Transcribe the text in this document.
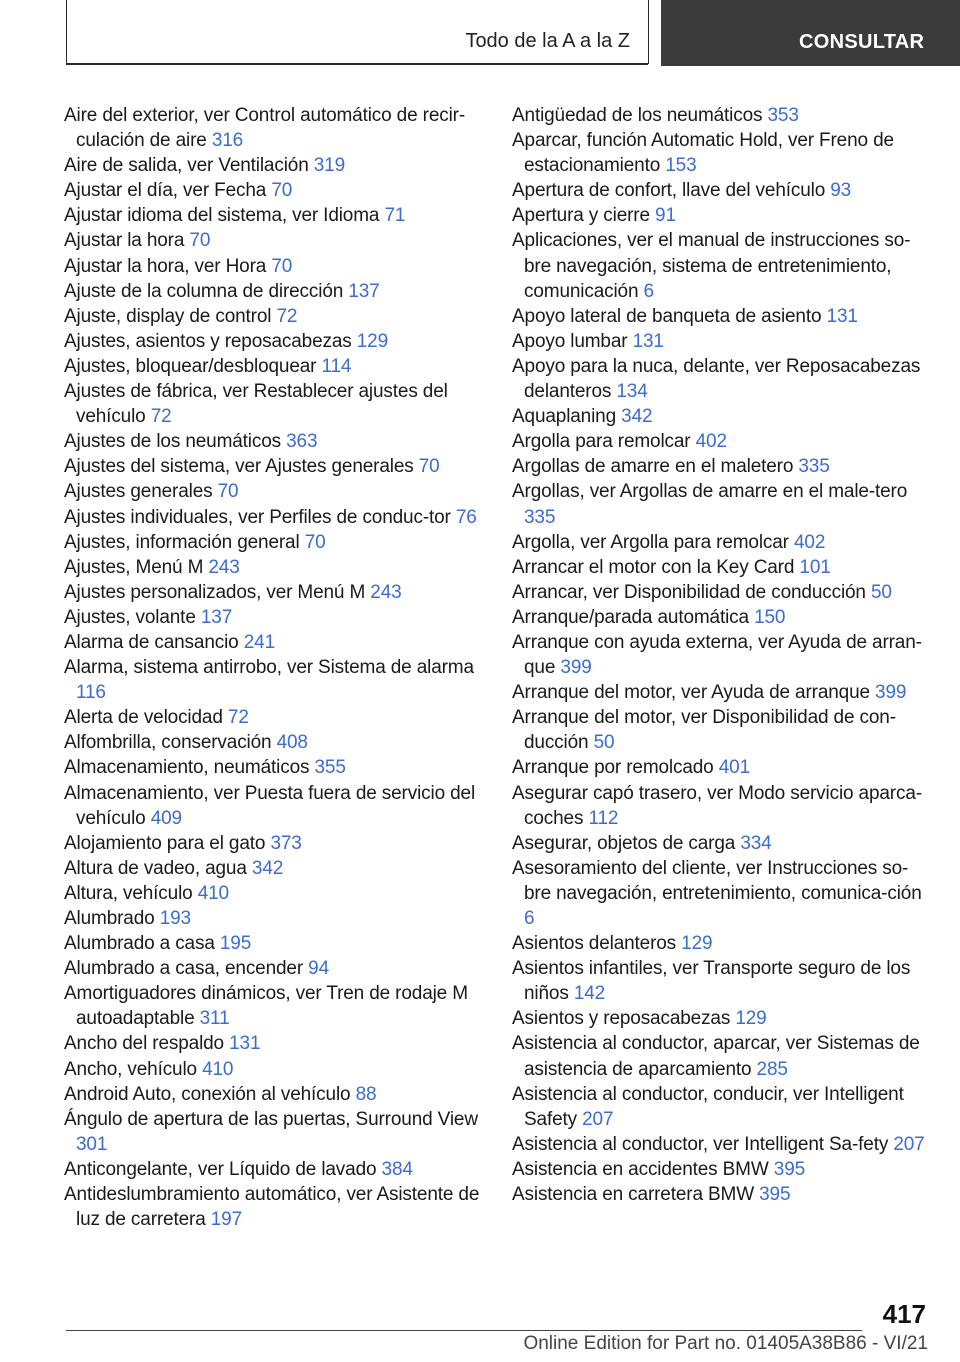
Todo de la A a la Z	CONSULTAR
Aire del exterior, ver Control automático de recir-culación de aire 316
Aire de salida, ver Ventilación 319
Ajustar el día, ver Fecha 70
Ajustar idioma del sistema, ver Idioma 71
Ajustar la hora 70
Ajustar la hora, ver Hora 70
Ajuste de la columna de dirección 137
Ajuste, display de control 72
Ajustes, asientos y reposacabezas 129
Ajustes, bloquear/desbloquear 114
Ajustes de fábrica, ver Restablecer ajustes del vehículo 72
Ajustes de los neumáticos 363
Ajustes del sistema, ver Ajustes generales 70
Ajustes generales 70
Ajustes individuales, ver Perfiles de conduc-tor 76
Ajustes, información general 70
Ajustes, Menú M 243
Ajustes personalizados, ver Menú M 243
Ajustes, volante 137
Alarma de cansancio 241
Alarma, sistema antirrobo, ver Sistema de alarma 116
Alerta de velocidad 72
Alfombrilla, conservación 408
Almacenamiento, neumáticos 355
Almacenamiento, ver Puesta fuera de servicio del vehículo 409
Alojamiento para el gato 373
Altura de vadeo, agua 342
Altura, vehículo 410
Alumbrado 193
Alumbrado a casa 195
Alumbrado a casa, encender 94
Amortiguadores dinámicos, ver Tren de rodaje M autoadaptable 311
Ancho del respaldo 131
Ancho, vehículo 410
Android Auto, conexión al vehículo 88
Ángulo de apertura de las puertas, Surround View 301
Anticongelante, ver Líquido de lavado 384
Antideslumbramiento automático, ver Asistente de luz de carretera 197
Antigüedad de los neumáticos 353
Aparcar, función Automatic Hold, ver Freno de estacionamiento 153
Apertura de confort, llave del vehículo 93
Apertura y cierre 91
Aplicaciones, ver el manual de instrucciones so-bre navegación, sistema de entretenimiento, comunicación 6
Apoyo lateral de banqueta de asiento 131
Apoyo lumbar 131
Apoyo para la nuca, delante, ver Reposacabezas delanteros 134
Aquaplaning 342
Argolla para remolcar 402
Argollas de amarre en el maletero 335
Argollas, ver Argollas de amarre en el male-tero 335
Argolla, ver Argolla para remolcar 402
Arrancar el motor con la Key Card 101
Arrancar, ver Disponibilidad de conducción 50
Arranque/parada automática 150
Arranque con ayuda externa, ver Ayuda de arran-que 399
Arranque del motor, ver Ayuda de arranque 399
Arranque del motor, ver Disponibilidad de con-ducción 50
Arranque por remolcado 401
Asegurar capó trasero, ver Modo servicio aparca-coches 112
Asegurar, objetos de carga 334
Asesoramiento del cliente, ver Instrucciones so-bre navegación, entretenimiento, comunica-ción 6
Asientos delanteros 129
Asientos infantiles, ver Transporte seguro de los niños 142
Asientos y reposacabezas 129
Asistencia al conductor, aparcar, ver Sistemas de asistencia de aparcamiento 285
Asistencia al conductor, conducir, ver Intelligent Safety 207
Asistencia al conductor, ver Intelligent Sa-fety 207
Asistencia en accidentes BMW 395
Asistencia en carretera BMW 395
417
Online Edition for Part no. 01405A38B86 - VI/21
